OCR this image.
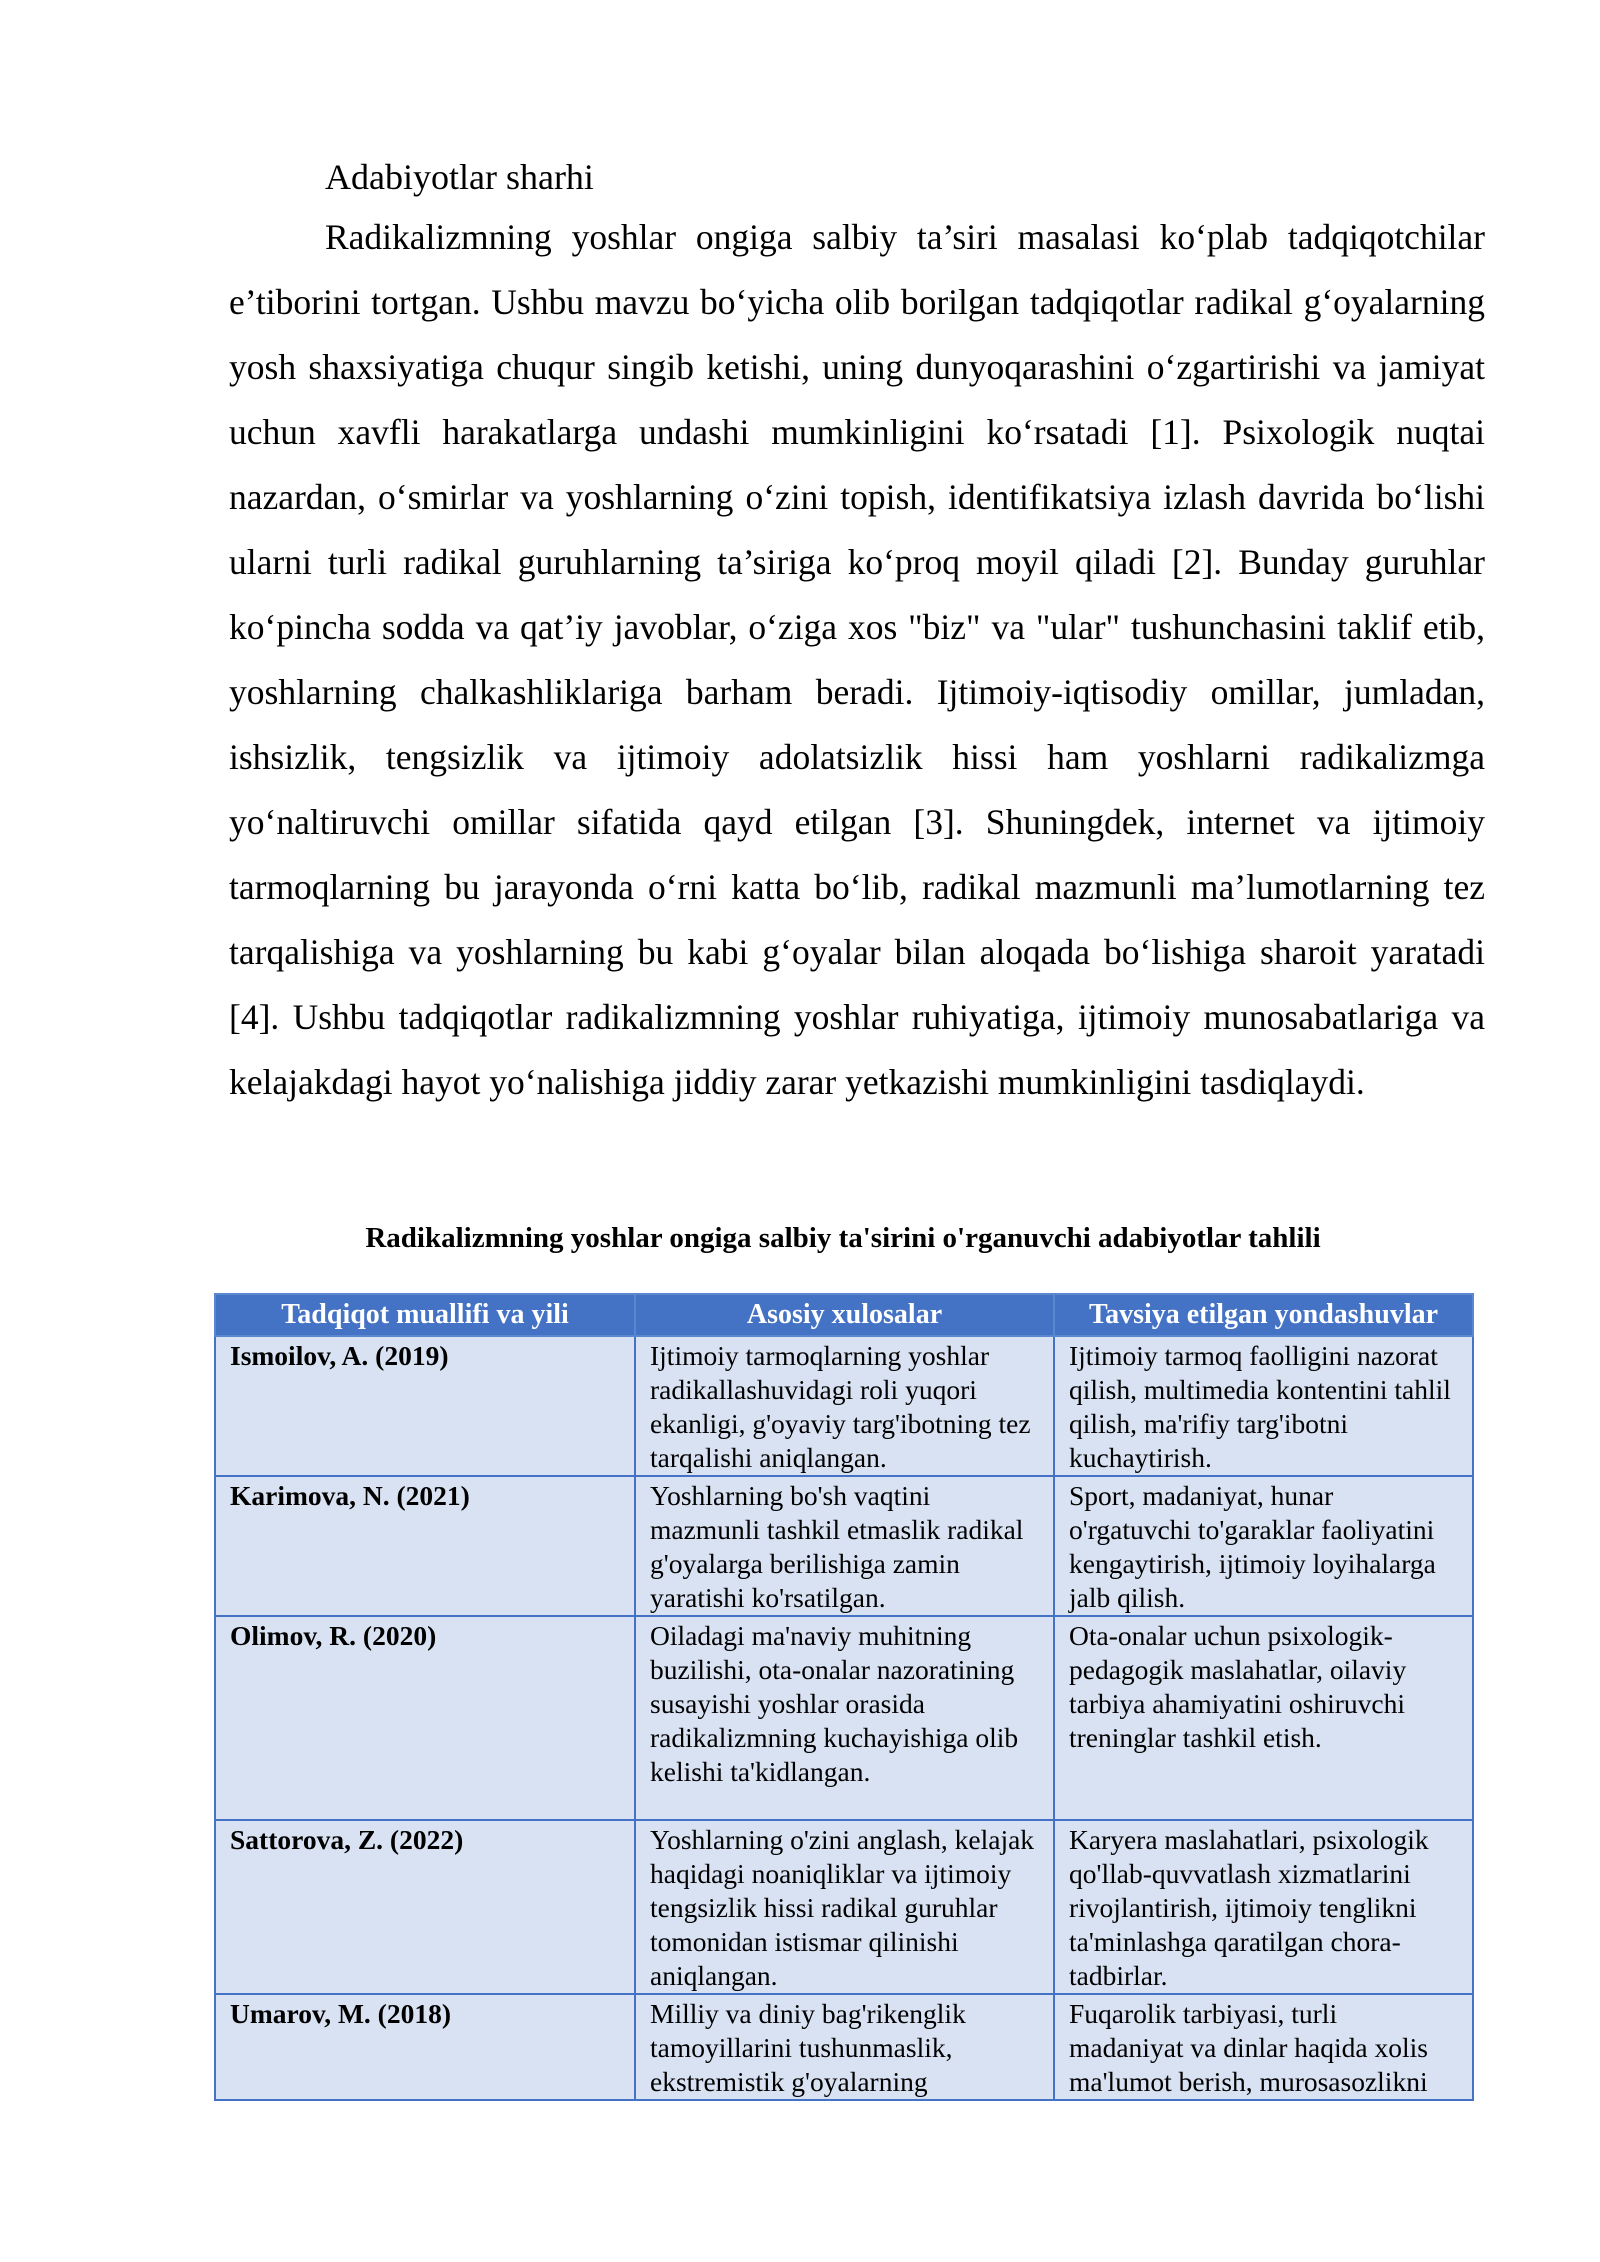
Adabiyotlar sharhi

Radikalizmning yoshlar ongiga salbiy ta’siri masalasi ko‘plab tadqiqotchilar e’tiborini tortgan. Ushbu mavzu bo‘yicha olib borilgan tadqiqotlar radikal g‘oyalarning yosh shaxsiyatiga chuqur singib ketishi, uning dunyoqarashini o‘zgartirishi va jamiyat uchun xavfli harakatlarga undashi mumkinligini ko‘rsatadi [1]. Psixologik nuqtai nazardan, o‘smirlar va yoshlarning o‘zini topish, identifikatsiya izlash davrida bo‘lishi ularni turli radikal guruhlarning ta’siriga ko‘proq moyil qiladi [2]. Bunday guruhlar ko‘pincha sodda va qat’iy javoblar, o‘ziga xos "biz" va "ular" tushunchasini taklif etib, yoshlarning chalkashliklariga barham beradi. Ijtimoiy-iqtisodiy omillar, jumladan, ishsizlik, tengsizlik va ijtimoiy adolatsizlik hissi ham yoshlarni radikalizmga yo‘naltiruvchi omillar sifatida qayd etilgan [3]. Shuningdek, internet va ijtimoiy tarmoqlarning bu jarayonda o‘rni katta bo‘lib, radikal mazmunli ma’lumotlarning tez tarqalishiga va yoshlarning bu kabi g‘oyalar bilan aloqada bo‘lishiga sharoit yaratadi [4]. Ushbu tadqiqotlar radikalizmning yoshlar ruhiyatiga, ijtimoiy munosabatlariga va kelajakdagi hayot yo‘nalishiga jiddiy zarar yetkazishi mumkinligini tasdiqlaydi.

Radikalizmning yoshlar ongiga salbiy ta'sirini o'rganuvchi adabiyotlar tahlili
Tadqiqot muallifi va yili	Asosiy xulosalar	Tavsiya etilgan yondashuvlar
Ismoilov, A. (2019)	Ijtimoiy tarmoqlarning yoshlar radikallashuvidagi roli yuqori ekanligi, g'oyaviy targ'ibotning tez tarqalishi aniqlangan.	Ijtimoiy tarmoq faolligini nazorat qilish, multimedia kontentini tahlil qilish, ma'rifiy targ'ibotni kuchaytirish.
Karimova, N. (2021)	Yoshlarning bo'sh vaqtini mazmunli tashkil etmaslik radikal g'oyalarga berilishiga zamin yaratishi ko'rsatilgan.	Sport, madaniyat, hunar o'rgatuvchi to'garaklar faoliyatini kengaytirish, ijtimoiy loyihalarga jalb qilish.
Olimov, R. (2020)	Oiladagi ma'naviy muhitning buzilishi, ota-onalar nazoratining susayishi yoshlar orasida radikalizmning kuchayishiga olib kelishi ta'kidlangan.	Ota-onalar uchun psixologik-pedagogik maslahatlar, oilaviy tarbiya ahamiyatini oshiruvchi treninglar tashkil etish.
Sattorova, Z. (2022)	Yoshlarning o'zini anglash, kelajak haqidagi noaniqliklar va ijtimoiy tengsizlik hissi radikal guruhlar tomonidan istismar qilinishi aniqlangan.	Karyera maslahatlari, psixologik qo'llab-quvvatlash xizmatlarini rivojlantirish, ijtimoiy tenglikni ta'minlashga qaratilgan chora-tadbirlar.
Umarov, M. (2018)	Milliy va diniy bag'rikenglik tamoyillarini tushunmaslik, ekstremistik g'oyalarning	Fuqarolik tarbiyasi, turli madaniyat va dinlar haqida xolis ma'lumot berish, murosasozlikni
